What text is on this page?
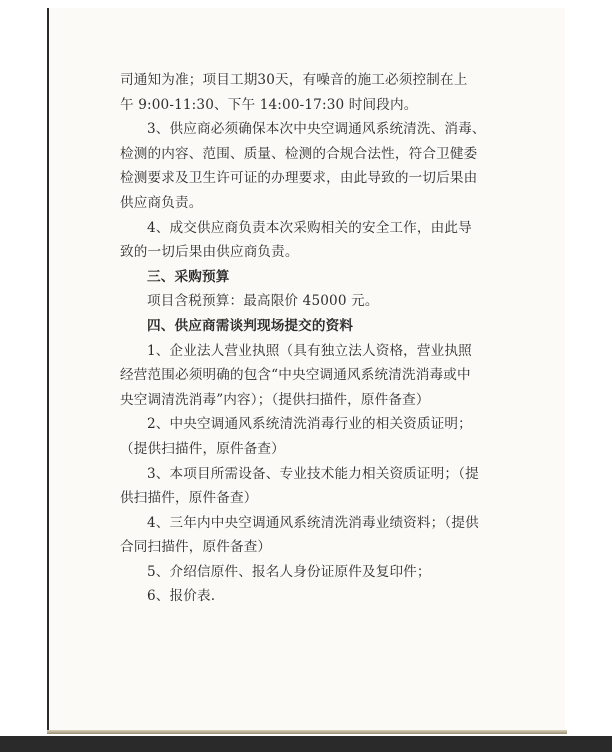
司通知为准；项目工期30天，有噪音的施工必须控制在上
午 9:00-11:30、下午 14:00-17:30 时间段内。
3、供应商必须确保本次中央空调通风系统清洗、消毒、
检测的内容、范围、质量、检测的合规合法性，符合卫健委
检测要求及卫生许可证的办理要求，由此导致的一切后果由
供应商负责。
4、成交供应商负责本次采购相关的安全工作，由此导
致的一切后果由供应商负责。
三、采购预算
项目含税预算：最高限价 45000 元。
四、供应商需谈判现场提交的资料
1、企业法人营业执照（具有独立法人资格，营业执照
经营范围必须明确的包含“中央空调通风系统清洗消毒或中
央空调清洗消毒”内容）；（提供扫描件，原件备查）
2、中央空调通风系统清洗消毒行业的相关资质证明；
（提供扫描件，原件备查）
3、本项目所需设备、专业技术能力相关资质证明；（提
供扫描件，原件备查）
4、三年内中央空调通风系统清洗消毒业绩资料；（提供
合同扫描件，原件备查）
5、介绍信原件、报名人身份证原件及复印件；
6、报价表.
